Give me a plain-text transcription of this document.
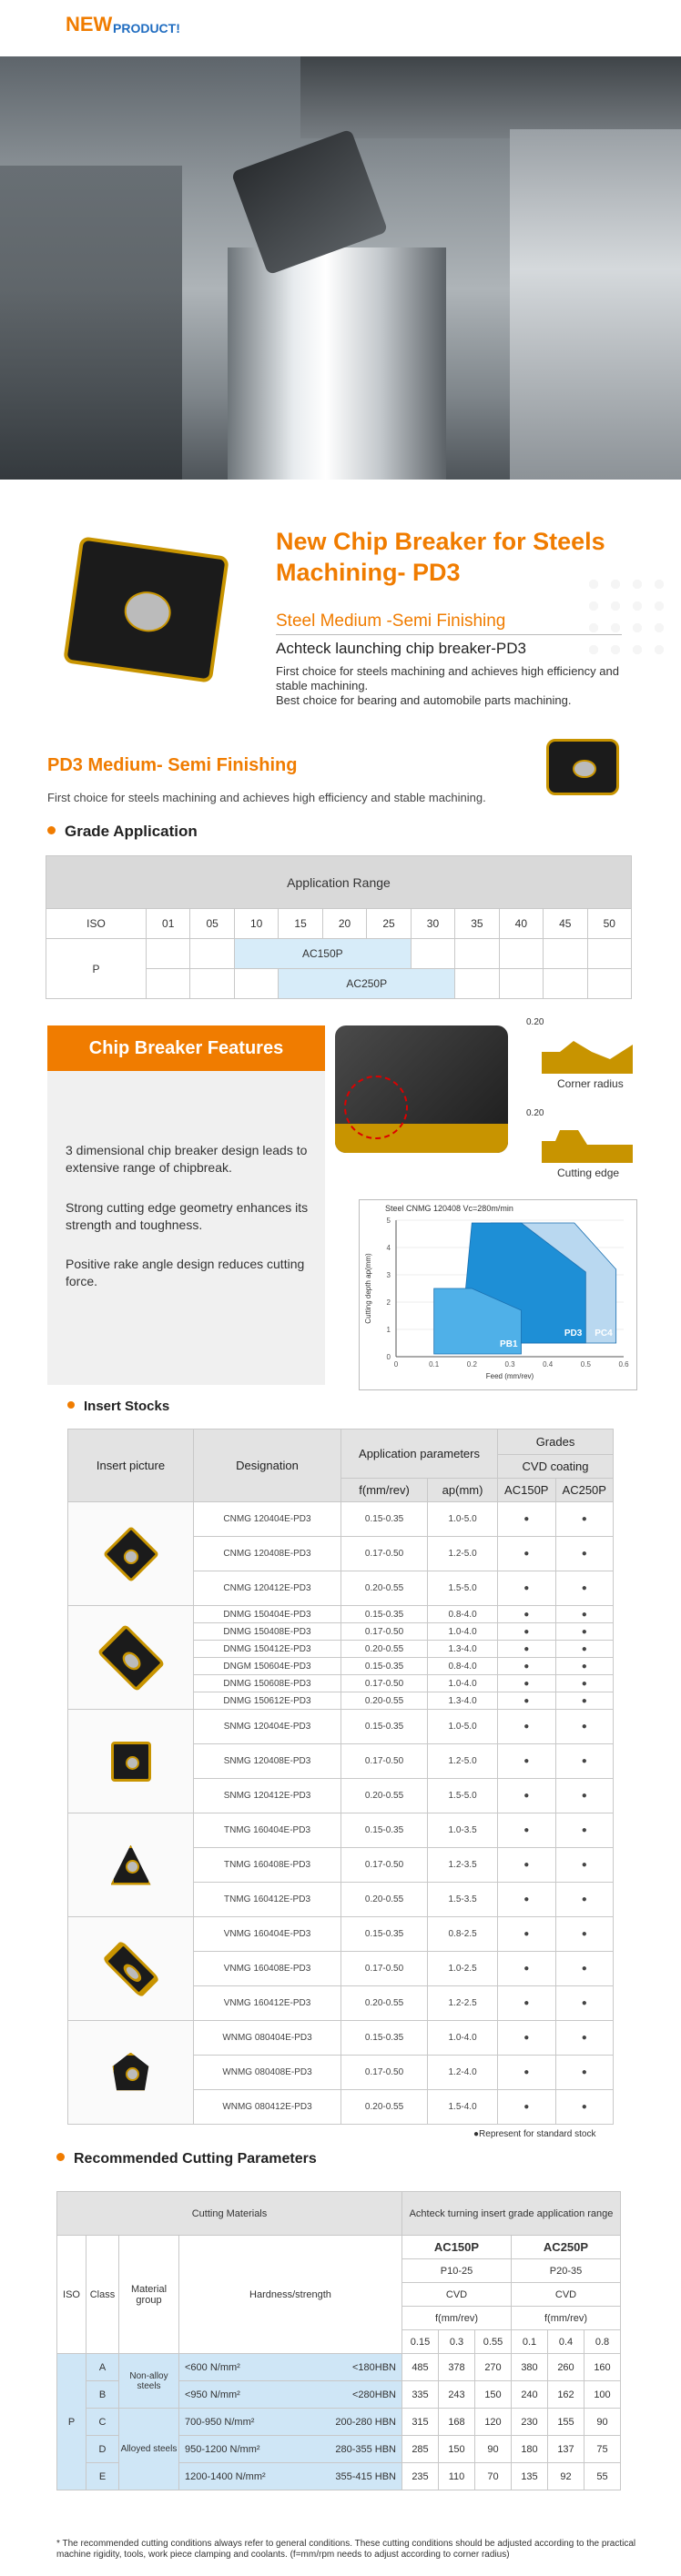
NEW PRODUCT!
New Chip Breaker for Steels
Machining- PD3
Steel Medium -Semi Finishing
Achteck launching chip breaker-PD3
First choice for steels machining and achieves high efficiency and stable machining.
Best choice for bearing and automobile parts machining.
PD3 Medium- Semi Finishing
First choice for steels machining and achieves high efficiency and stable machining.
Grade Application
Application Range											
ISO	01	05	10	15	20	25	30	35	40	45	50
P			AC150P								
				AC250P							
Chip Breaker Features
3 dimensional chip breaker design leads to extensive range of chipbreak.
Strong cutting edge geometry enhances its strength and toughness.
Positive rake angle design reduces cutting force.
0.20
Corner radius
0.20
Cutting edge
Steel CNMG 120408 Vc=280m/min
0
1
2
3
4
5
0	0.1	0.2	0.3	0.4	0.5	0.6
PC4
PD3
PB1
Feed (mm/rev)
Cutting depth ap(mm)
Insert Stocks
Insert picture	Designation	Application parameters		Grades	
				CVD coating	
		f(mm/rev)	ap(mm)	AC150P	AC250P

	CNMG 120404E-PD3	0.15-0.35	1.0-5.0	●	●
	CNMG 120408E-PD3	0.17-0.50	1.2-5.0	●	●
	CNMG 120412E-PD3	0.20-0.55	1.5-5.0	●	●

	DNMG 150404E-PD3	0.15-0.35	0.8-4.0	●	●
	DNMG 150408E-PD3	0.17-0.50	1.0-4.0	●	●
	DNMG 150412E-PD3	0.20-0.55	1.3-4.0	●	●
	DNGM 150604E-PD3	0.15-0.35	0.8-4.0	●	●
	DNMG 150608E-PD3	0.17-0.50	1.0-4.0	●	●
	DNMG 150612E-PD3	0.20-0.55	1.3-4.0	●	●

	SNMG 120404E-PD3	0.15-0.35	1.0-5.0	●	●
	SNMG 120408E-PD3	0.17-0.50	1.2-5.0	●	●
	SNMG 120412E-PD3	0.20-0.55	1.5-5.0	●	●

	TNMG 160404E-PD3	0.15-0.35	1.0-3.5	●	●
	TNMG 160408E-PD3	0.17-0.50	1.2-3.5	●	●
	TNMG 160412E-PD3	0.20-0.55	1.5-3.5	●	●

	VNMG 160404E-PD3	0.15-0.35	0.8-2.5	●	●
	VNMG 160408E-PD3	0.17-0.50	1.0-2.5	●	●
	VNMG 160412E-PD3	0.20-0.55	1.2-2.5	●	●

	WNMG 080404E-PD3	0.15-0.35	1.0-4.0	●	●
	WNMG 080408E-PD3	0.17-0.50	1.2-4.0	●	●
	WNMG 080412E-PD3	0.20-0.55	1.5-4.0	●	●
●Represent for standard stock
Recommended Cutting Parameters
Cutting Materials				Achteck turning insert grade application range					
ISO	Class	Material group	Hardness/strength	AC150P			AC250P		
				P10-25			P20-35		
				CVD			CVD		
				f(mm/rev)			f(mm/rev)		
				0.15	0.3	0.55	0.1	0.4	0.8
P	A	Non-alloy steels	<600 N/mm² <180HBN	485	378	270	380	260	160
	B		<950 N/mm² <280HBN	335	243	150	240	162	100
	C	Alloyed steels	700-950 N/mm² 200-280 HBN	315	168	120	230	155	90
	D		950-1200 N/mm² 280-355 HBN	285	150	90	180	137	75
	E		1200-1400 N/mm² 355-415 HBN	235	110	70	135	92	55
* The recommended cutting conditions always refer to general conditions. These cutting conditions should be adjusted according to the practical machine rigidity, tools, work piece clamping and coolants. (f=mm/rpm needs to adjust according to corner radius)
